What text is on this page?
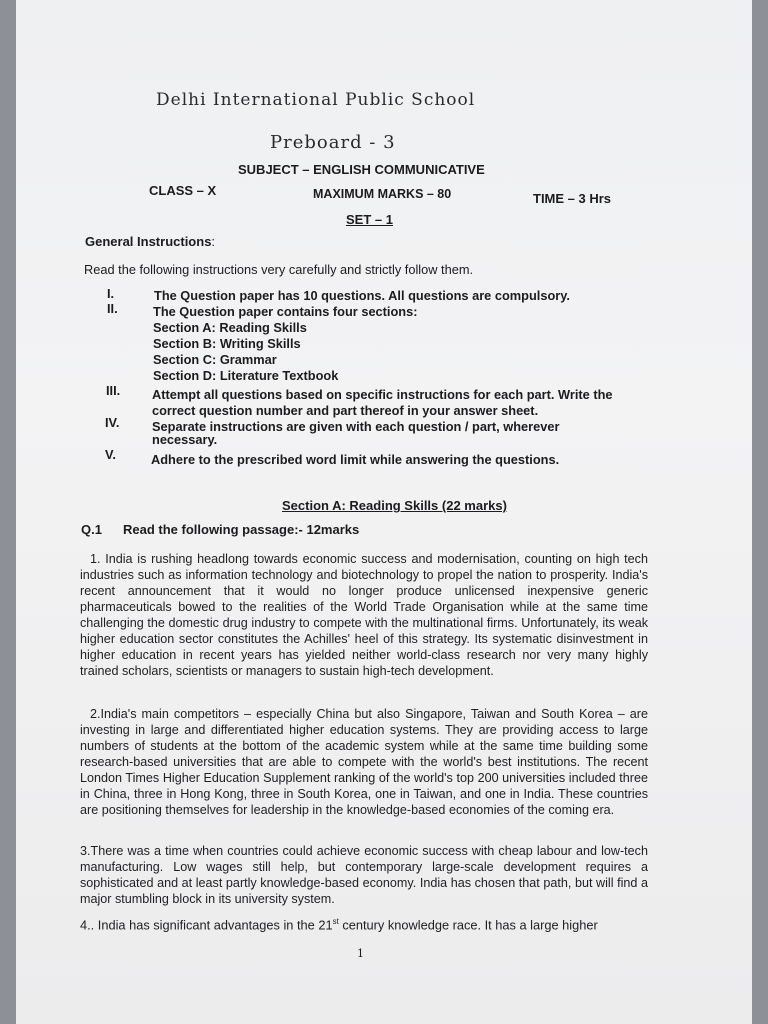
Delhi International Public School
Preboard - 3
SUBJECT – ENGLISH COMMUNICATIVE
CLASS – X	MAXIMUM MARKS – 80	TIME – 3 Hrs
SET – 1
General Instructions:
Read the following instructions very carefully and strictly follow them.
I.	The Question paper has 10 questions. All questions are compulsory.
II.	The Question paper contains four sections:
Section A: Reading Skills
Section B: Writing Skills
Section C: Grammar
Section D: Literature Textbook
III. Attempt all questions based on specific instructions for each part. Write the
correct question number and part thereof in your answer sheet.
IV.	Separate instructions are given with each question / part, wherever
necessary.
V.	Adhere to the prescribed word limit while answering the questions.
Section A: Reading Skills (22 marks)
Q.1 Read the following passage:- 12marks
1. India is rushing headlong towards economic success and modernisation, counting on high tech industries such as information technology and biotechnology to propel the nation to prosperity. India's recent announcement that it would no longer produce unlicensed inexpensive generic pharmaceuticals bowed to the realities of the World Trade Organisation while at the same time challenging the domestic drug industry to compete with the multinational firms. Unfortunately, its weak higher education sector constitutes the Achilles' heel of this strategy. Its systematic disinvestment in higher education in recent years has yielded neither world-class research nor very many highly trained scholars, scientists or managers to sustain high-tech development.
2.India's main competitors – especially China but also Singapore, Taiwan and South Korea – are investing in large and differentiated higher education systems. They are providing access to large numbers of students at the bottom of the academic system while at the same time building some research-based universities that are able to compete with the world's best institutions. The recent London Times Higher Education Supplement ranking of the world's top 200 universities included three in China, three in Hong Kong, three in South Korea, one in Taiwan, and one in India. These countries are positioning themselves for leadership in the knowledge-based economies of the coming era.
3.There was a time when countries could achieve economic success with cheap labour and low-tech manufacturing. Low wages still help, but contemporary large-scale development requires a sophisticated and at least partly knowledge-based economy. India has chosen that path, but will find a major stumbling block in its university system.
4.. India has significant advantages in the 21st century knowledge race. It has a large higher
1
